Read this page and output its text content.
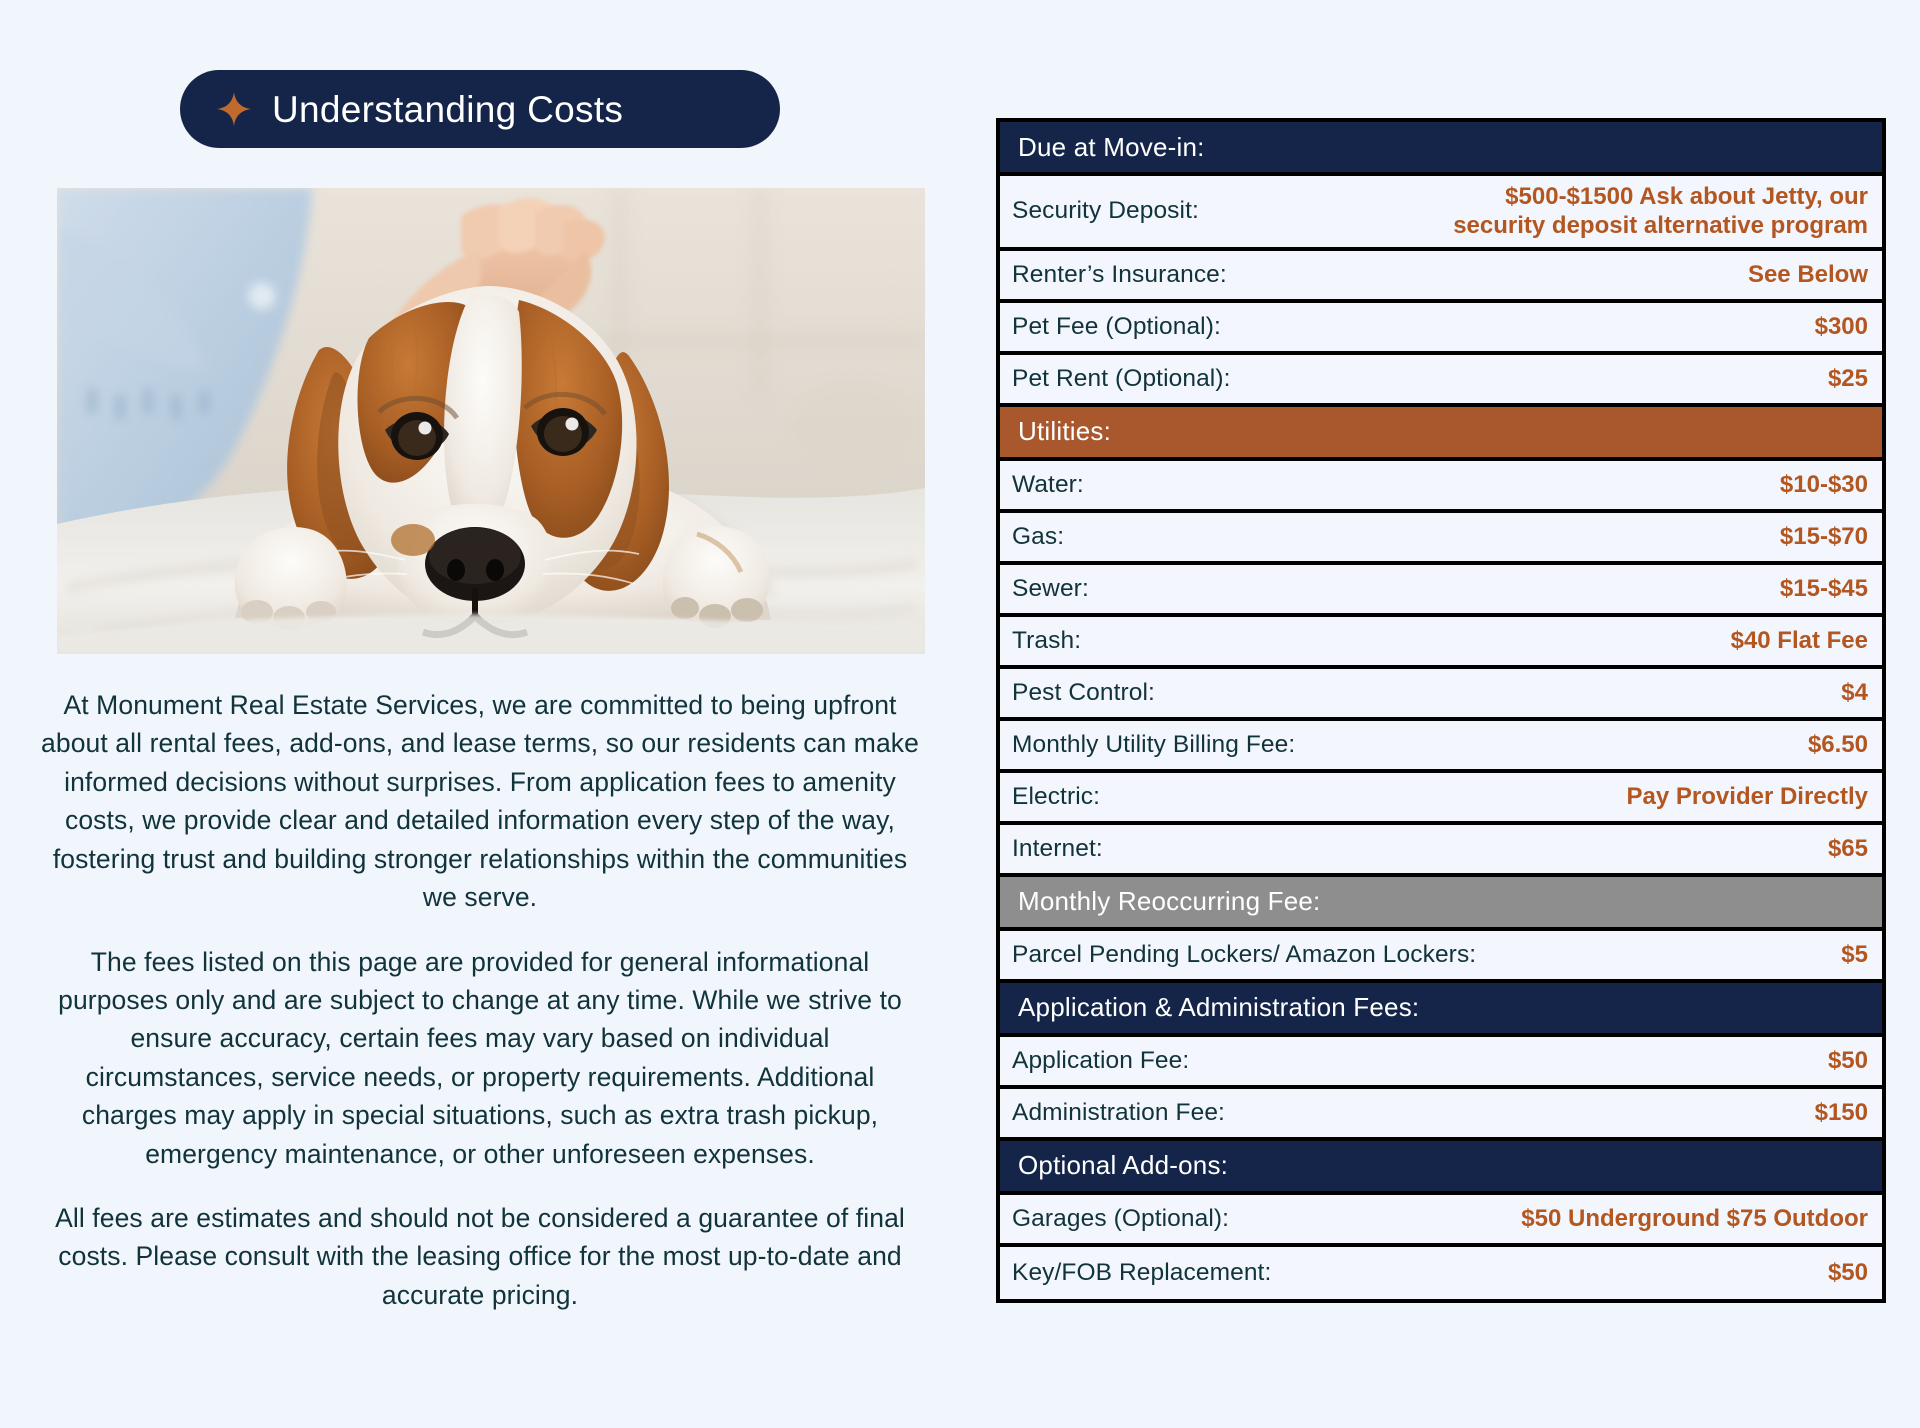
Understanding Costs

At Monument Real Estate Services, we are committed to being upfront about all rental fees, add-ons, and lease terms, so our residents can make informed decisions without surprises. From application fees to amenity costs, we provide clear and detailed information every step of the way, fostering trust and building stronger relationships within the communities we serve.

The fees listed on this page are provided for general informational purposes only and are subject to change at any time. While we strive to ensure accuracy, certain fees may vary based on individual circumstances, service needs, or property requirements. Additional charges may apply in special situations, such as extra trash pickup, emergency maintenance, or other unforeseen expenses.

All fees are estimates and should not be considered a guarantee of final costs. Please consult with the leasing office for the most up-to-date and accurate pricing.

Due at Move-in:
Security Deposit:
$500-$1500 Ask about Jetty, our security deposit alternative program
Renter’s Insurance:	See Below
Pet Fee (Optional):	$300
Pet Rent (Optional):	$25
Utilities:
Water:	$10-$30
Gas:	$15-$70
Sewer:	$15-$45
Trash:	$40 Flat Fee
Pest Control:	$4
Monthly Utility Billing Fee:	$6.50
Electric:	Pay Provider Directly
Internet:	$65
Monthly Reoccurring Fee:
Parcel Pending Lockers/ Amazon Lockers:	$5
Application & Administration Fees:
Application Fee:	$50
Administration Fee:	$150
Optional Add-ons:
Garages (Optional):	$50 Underground $75 Outdoor
Key/FOB Replacement:	$50
